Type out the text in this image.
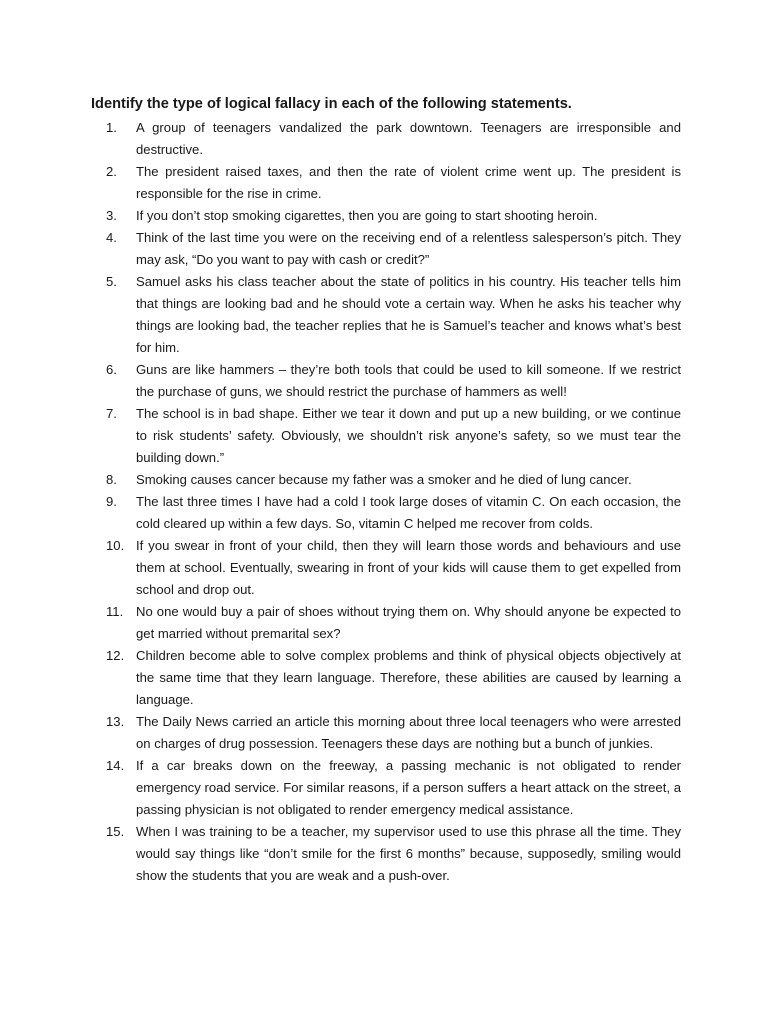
Identify the type of logical fallacy in each of the following statements.
1.	A group of teenagers vandalized the park downtown. Teenagers are irresponsible and destructive.
2.	The president raised taxes, and then the rate of violent crime went up. The president is responsible for the rise in crime.
3.	If you don’t stop smoking cigarettes, then you are going to start shooting heroin.
4.	Think of the last time you were on the receiving end of a relentless salesperson’s pitch. They may ask, “Do you want to pay with cash or credit?”
5.	Samuel asks his class teacher about the state of politics in his country. His teacher tells him that things are looking bad and he should vote a certain way. When he asks his teacher why things are looking bad, the teacher replies that he is Samuel’s teacher and knows what’s best for him.
6.	Guns are like hammers – they’re both tools that could be used to kill someone. If we restrict the purchase of guns, we should restrict the purchase of hammers as well!
7.	The school is in bad shape. Either we tear it down and put up a new building, or we continue to risk students’ safety. Obviously, we shouldn’t risk anyone’s safety, so we must tear the building down.”
8.	Smoking causes cancer because my father was a smoker and he died of lung cancer.
9.	The last three times I have had a cold I took large doses of vitamin C. On each occasion, the cold cleared up within a few days. So, vitamin C helped me recover from colds.
10. If you swear in front of your child, then they will learn those words and behaviours and use them at school. Eventually, swearing in front of your kids will cause them to get expelled from school and drop out.
11. No one would buy a pair of shoes without trying them on. Why should anyone be expected to get married without premarital sex?
12. Children become able to solve complex problems and think of physical objects objectively at the same time that they learn language. Therefore, these abilities are caused by learning a language.
13. The Daily News carried an article this morning about three local teenagers who were arrested on charges of drug possession. Teenagers these days are nothing but a bunch of junkies.
14. If a car breaks down on the freeway, a passing mechanic is not obligated to render emergency road service. For similar reasons, if a person suffers a heart attack on the street, a passing physician is not obligated to render emergency medical assistance.
15. When I was training to be a teacher, my supervisor used to use this phrase all the time. They would say things like “don’t smile for the first 6 months” because, supposedly, smiling would show the students that you are weak and a push-over.
